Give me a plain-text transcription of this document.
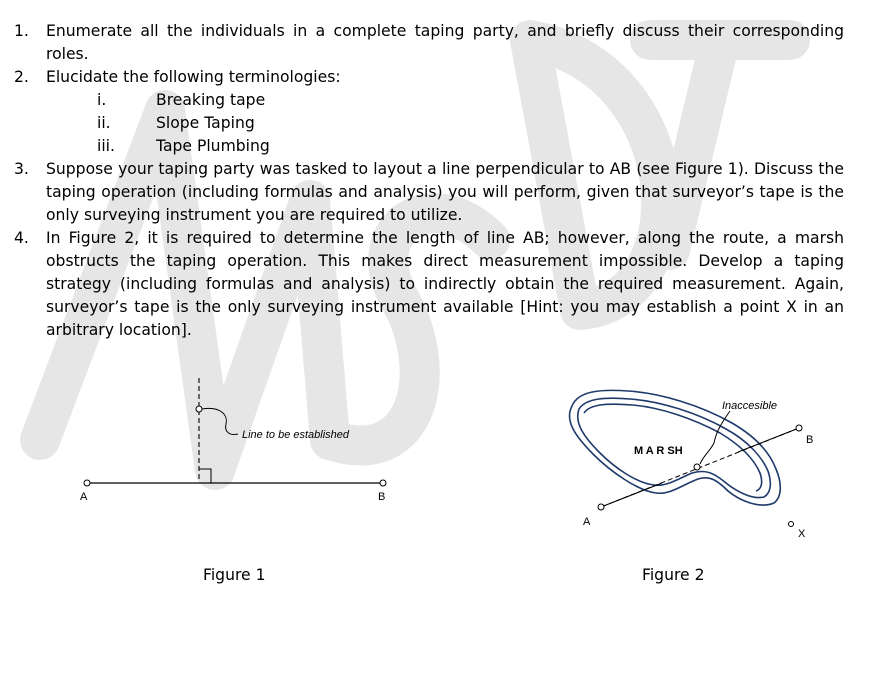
MSDT
1.	Enumerate all the individuals in a complete taping party, and briefly discuss their corresponding roles.
2.	Elucidate the following terminologies:
i.	Breaking tape
ii.	Slope Taping
iii.	Tape Plumbing
3.	Suppose your taping party was tasked to layout a line perpendicular to AB (see Figure 1). Discuss the taping operation (including formulas and analysis) you will perform, given that surveyor’s tape is the only surveying instrument you are required to utilize.
4.	In Figure 2, it is required to determine the length of line AB; however, along the route, a marsh obstructs the taping operation. This makes direct measurement impossible. Develop a taping strategy (including formulas and analysis) to indirectly obtain the required measurement. Again, surveyor’s tape is the only surveying instrument available [Hint: you may establish a point X in an arbitrary location].
Line to be established
A	B
Figure 1
Inaccesible
M A R SH
A
B
X
Figure 2
